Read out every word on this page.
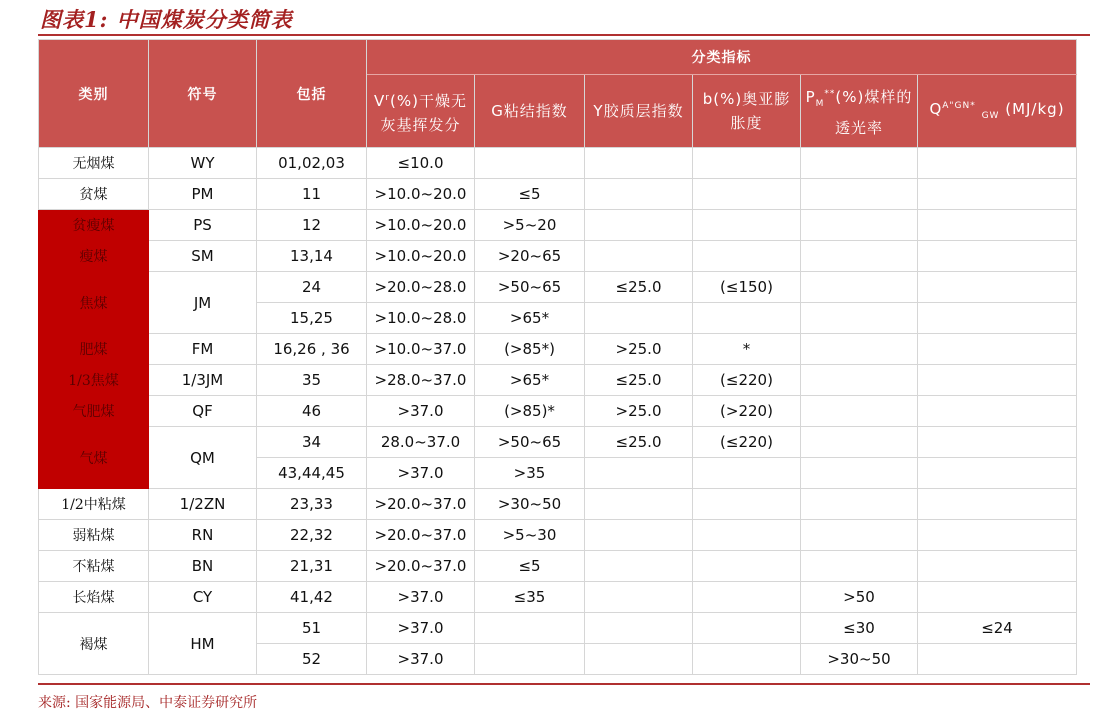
图表1: 中国煤炭分类简表
类别	符号	包括	分类指标					
			$V^r(\%)$干燥无灰基挥发分	G粘结指数	Y胶质层指数	b(%)奥亚膨胀度	$P_M^{**}(\%)$煤样的透光率	$Q^{A"GN*}$ $_{GW}$ (MJ/kg)
无烟煤	WY	01,02,03	≤10.0					
贫煤	PM	11	>10.0~20.0	≤5				
贫瘦煤	PS	12	>10.0~20.0	>5~20				
瘦煤	SM	13,14	>10.0~20.0	>20~65				
焦煤	JM	24	>20.0~28.0	>50~65	≤25.0	(≤150)		
		15,25	>10.0~28.0	>65*				
肥煤	FM	16,26 , 36	>10.0~37.0	(>85*)	>25.0	*		
1/3焦煤	1/3JM	35	>28.0~37.0	>65*	≤25.0	(≤220)		
气肥煤	QF	46	>37.0	(>85)*	>25.0	(>220)		
气煤	QM	34	28.0~37.0	>50~65	≤25.0	(≤220)		
		43,44,45	>37.0	>35				
1/2中粘煤	1/2ZN	23,33	>20.0~37.0	>30~50				
弱粘煤	RN	22,32	>20.0~37.0	>5~30				
不粘煤	BN	21,31	>20.0~37.0	≤5				
长焰煤	CY	41,42	>37.0	≤35			>50	
褐煤	HM	51	>37.0				≤30	≤24
		52	>37.0				>30~50	
来源: 国家能源局、中泰证券研究所
